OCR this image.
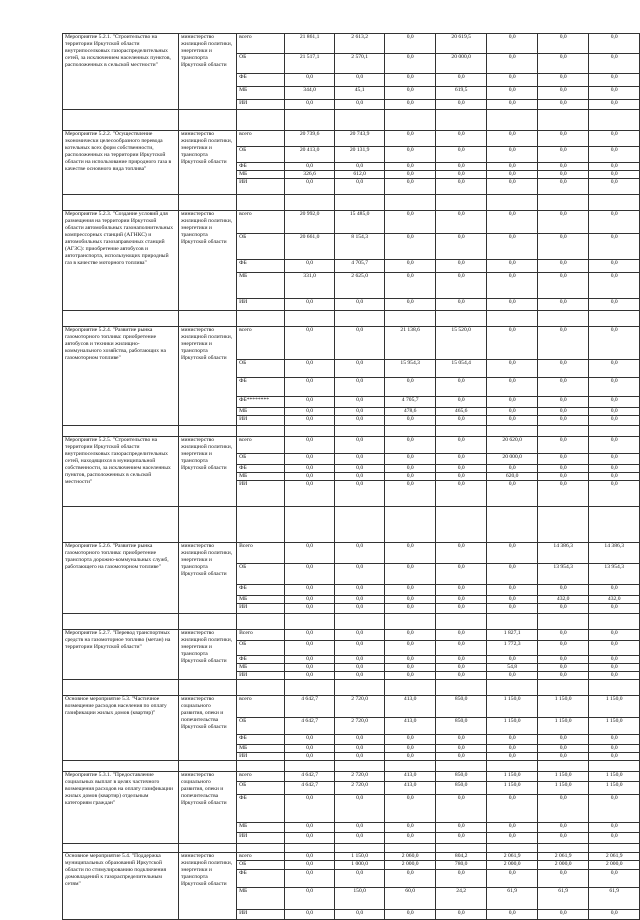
Мероприятие 5.2.1. "Строительство на территории Иркутской области внутрипоселковых газораспределительных сетей, за исключением населенных пунктов, расположенных в сельской местности"	министерство жилищной политики, энергетики и транспорта Иркутской области	всего	21 861,1	2 613,2	0,0	20 619,5	0,0	0,0	0,0
		ОБ	21 517,1	2 570,1	0,0	20 000,0	0,0	0,0	0,0
		ФБ	0,0	0,0	0,0	0,0	0,0	0,0	0,0
		МБ	344,0	45,1	0,0	619,5	0,0	0,0	0,0
		ИИ	0,0	0,0	0,0	0,0	0,0	0,0	0,0

Мероприятие 5.2.2. "Осуществление экономически целесообразного перевода котельных всех форм собственности, расположенных на территории Иркутской области на использование природного газа в качестве основного вида топлива"	министерство жилищной политики, энергетики и транспорта Иркутской области	всего	20 739,6	20 743,9	0,0	0,0	0,0	0,0	0,0
		ОБ	20 413,0	20 131,9	0,0	0,0	0,0	0,0	0,0
		ФБ	0,0	0,0	0,0	0,0	0,0	0,0	0,0
		МБ	326,6	612,0	0,0	0,0	0,0	0,0	0,0
		ИИ	0,0	0,0	0,0	0,0	0,0	0,0	0,0

Мероприятие 5.2.3. "Создание условий для размещения на территории Иркутской области автомобильных газонаполнительных компрессорных станций (АГНКС) и автомобильных газозаправочных станций (АГЗС): приобретение автобусов и автотранспорта, использующих природный газ в качестве моторного топлива"	министерство жилищной политики, энергетики и транспорта Иркутской области	всего	20 992,0	15 485,0	0,0	0,0	0,0	0,0	0,0
		ОБ	20 661,0	8 154,3	0,0	0,0	0,0	0,0	0,0
		ФБ	0,0	4 705,7	0,0	0,0	0,0	0,0	0,0
		МБ	331,0	2 625,0	0,0	0,0	0,0	0,0	0,0
		ИИ	0,0	0,0	0,0	0,0	0,0	0,0	0,0

Мероприятие 5.2.4. "Развитие рынка газомоторного топлива: приобретение автобусов и техники жилищно-коммунального хозяйства, работающих на газомоторном топливе"	министерство жилищной политики, энергетики и транспорта Иркутской области	всего	0,0	0,0	21 138,6	15 520,0	0,0	0,0	0,0
		ОБ	0,0	0,0	15 954,3	15 054,4	0,0	0,0	0,0
		ФБ	0,0	0,0	0,0	0,0	0,0	0,0	0,0
		ФБ********	0,0	0,0	4 705,7	0,0	0,0	0,0	0,0
		МБ	0,0	0,0	478,6	465,6	0,0	0,0	0,0
		ИИ	0,0	0,0	0,0	0,0	0,0	0,0	0,0

Мероприятие 5.2.5. "Строительство на территории Иркутской области внутрипоселковых газораспределительных сетей, находящихся в муниципальной собственности, за исключением населенных пунктов, расположенных в сельской местности"	министерство жилищной политики, энергетики и транспорта Иркутской области	всего	0,0	0,0	0,0	0,0	20 620,0	0,0	0,0
		ОБ	0,0	0,0	0,0	0,0	20 000,0	0,0	0,0
		ФБ	0,0	0,0	0,0	0,0	0,0	0,0	0,0
		МБ	0,0	0,0	0,0	0,0	620,0	0,0	0,0
		ИИ	0,0	0,0	0,0	0,0	0,0	0,0	0,0

Мероприятие 5.2.6. "Развитие рынка газомоторного топлива: приобретение транспорта дорожно-коммунальных служб, работающего на газомоторном топливе"	министерство жилищной политики, энергетики и транспорта Иркутской области	Всего	0,0	0,0	0,0	0,0	0,0	14 386,3	14 386,3
		ОБ	0,0	0,0	0,0	0,0	0,0	13 954,3	13 954,3
		ФБ	0,0	0,0	0,0	0,0	0,0	0,0	0,0
		МБ	0,0	0,0	0,0	0,0	0,0	432,0	432,0
		ИИ	0,0	0,0	0,0	0,0	0,0	0,0	0,0

Мероприятие 5.2.7. "Перевод транспортных средств на газомоторное топливо (метан) на территории Иркутской области"	министерство жилищной политики, энергетики и транспорта Иркутской области	Всего	0,0	0,0	0,0	0,0	1 827,1	0,0	0,0
		ОБ	0,0	0,0	0,0	0,0	1 772,3	0,0	0,0
		ФБ	0,0	0,0	0,0	0,0	0,0	0,0	0,0
		МБ	0,0	0,0	0,0	0,0	54,8	0,0	0,0
		ИИ	0,0	0,0	0,0	0,0	0,0	0,0	0,0

Основное мероприятие 5.3. "Частичное возмещение расходов населения по оплату газификации жилых домов (квартир)"	министерство социального развития, опеки и попечительства Иркутской области	всего	4 642,7	2 720,0	413,0	850,0	1 150,0	1 150,0	1 150,0
		ОБ	4 642,7	2 720,0	413,0	850,0	1 150,0	1 150,0	1 150,0
		ФБ	0,0	0,0	0,0	0,0	0,0	0,0	0,0
		МБ	0,0	0,0	0,0	0,0	0,0	0,0	0,0
		ИИ	0,0	0,0	0,0	0,0	0,0	0,0	0,0

Мероприятие 5.3.1. "Предоставление социальных выплат в целях частичного возмещения расходов на оплату газификации жилых домов (квартир) отдельным категориям граждан"	министерство социального развития, опеки и попечительства Иркутской области	всего	4 642,7	2 720,0	413,0	850,0	1 150,0	1 150,0	1 150,0
		ОБ	4 642,7	2 720,0	413,0	850,0	1 150,0	1 150,0	1 150,0
		ФБ	0,0	0,0	0,0	0,0	0,0	0,0	0,0
		МБ	0,0	0,0	0,0	0,0	0,0	0,0	0,0
		ИИ	0,0	0,0	0,0	0,0	0,0	0,0	0,0

Основное мероприятие 5.4. "Поддержка муниципальных образований Иркутской области по стимулированию подключения домовладений к газораспределительным сетям"	министерство жилищной политики, энергетики и транспорта Иркутской области	всего	0,0	1 150,0	2 060,0	804,2	2 061,9	2 061,9	2 061,9
		ОБ	0,0	1 000,0	2 000,0	780,0	2 000,0	2 000,0	2 000,0
		ФБ	0,0	0,0	0,0	0,0	0,0	0,0	0,0
		МБ	0,0	150,0	60,0	24,2	61,9	61,9	61,9
		ИИ	0,0	0,0	0,0	0,0	0,0	0,0	0,0
